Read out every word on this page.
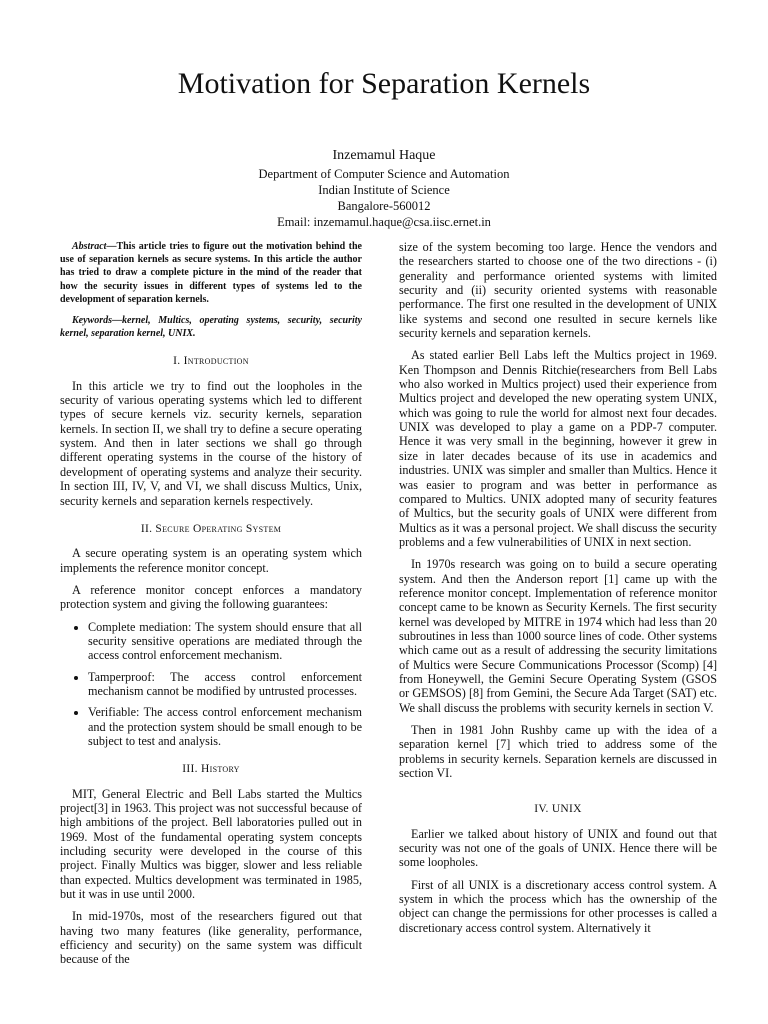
Motivation for Separation Kernels
Inzemamul Haque
Department of Computer Science and Automation
Indian Institute of Science
Bangalore-560012
Email: inzemamul.haque@csa.iisc.ernet.in
Abstract—This article tries to figure out the motivation behind the use of separation kernels as secure systems. In this article the author has tried to draw a complete picture in the mind of the reader that how the security issues in different types of systems led to the development of separation kernels.
Keywords—kernel, Multics, operating systems, security, security kernel, separation kernel, UNIX.
I. Introduction

In this article we try to find out the loopholes in the security of various operating systems which led to different types of secure kernels viz. security kernels, separation kernels. In section II, we shall try to define a secure operating system. And then in later sections we shall go through different operating systems in the course of the history of development of operating systems and analyze their security. In section III, IV, V, and VI, we shall discuss Multics, Unix, security kernels and separation kernels respectively.

II. Secure Operating System

A secure operating system is an operating system which implements the reference monitor concept.

A reference monitor concept enforces a mandatory protection system and giving the following guarantees:

• Complete mediation: The system should ensure that all security sensitive operations are mediated through the access control enforcement mechanism.
• Tamperproof: The access control enforcement mechanism cannot be modified by untrusted processes.
• Verifiable: The access control enforcement mechanism and the protection system should be small enough to be subject to test and analysis.
III. History

MIT, General Electric and Bell Labs started the Multics project[3] in 1963. This project was not successful because of high ambitions of the project. Bell laboratories pulled out in 1969. Most of the fundamental operating system concepts including security were developed in the course of this project. Finally Multics was bigger, slower and less reliable than expected. Multics development was terminated in 1985, but it was in use until 2000.

In mid-1970s, most of the researchers figured out that having two many features (like generality, performance, efficiency and security) on the same system was difficult because of the

size of the system becoming too large. Hence the vendors and the researchers started to choose one of the two directions - (i) generality and performance oriented systems with limited security and (ii) security oriented systems with reasonable performance. The first one resulted in the development of UNIX like systems and second one resulted in secure kernels like security kernels and separation kernels.

As stated earlier Bell Labs left the Multics project in 1969. Ken Thompson and Dennis Ritchie(researchers from Bell Labs who also worked in Multics project) used their experience from Multics project and developed the new operating system UNIX, which was going to rule the world for almost next four decades. UNIX was developed to play a game on a PDP-7 computer. Hence it was very small in the beginning, however it grew in size in later decades because of its use in academics and industries. UNIX was simpler and smaller than Multics. Hence it was easier to program and was better in performance as compared to Multics. UNIX adopted many of security features of Multics, but the security goals of UNIX were different from Multics as it was a personal project. We shall discuss the security problems and a few vulnerabilities of UNIX in next section.

In 1970s research was going on to build a secure operating system. And then the Anderson report [1] came up with the reference monitor concept. Implementation of reference monitor concept came to be known as Security Kernels. The first security kernel was developed by MITRE in 1974 which had less than 20 subroutines in less than 1000 source lines of code. Other systems which came out as a result of addressing the security limitations of Multics were Secure Communications Processor (Scomp) [4] from Honeywell, the Gemini Secure Operating System (GSOS or GEMSOS) [8] from Gemini, the Secure Ada Target (SAT) etc. We shall discuss the problems with security kernels in section V.

Then in 1981 John Rushby came up with the idea of a separation kernel [7] which tried to address some of the problems in security kernels. Separation kernels are discussed in section VI.

IV. UNIX

Earlier we talked about history of UNIX and found out that security was not one of the goals of UNIX. Hence there will be some loopholes.

First of all UNIX is a discretionary access control system. A system in which the process which has the ownership of the object can change the permissions for other processes is called a discretionary access control system. Alternatively it
